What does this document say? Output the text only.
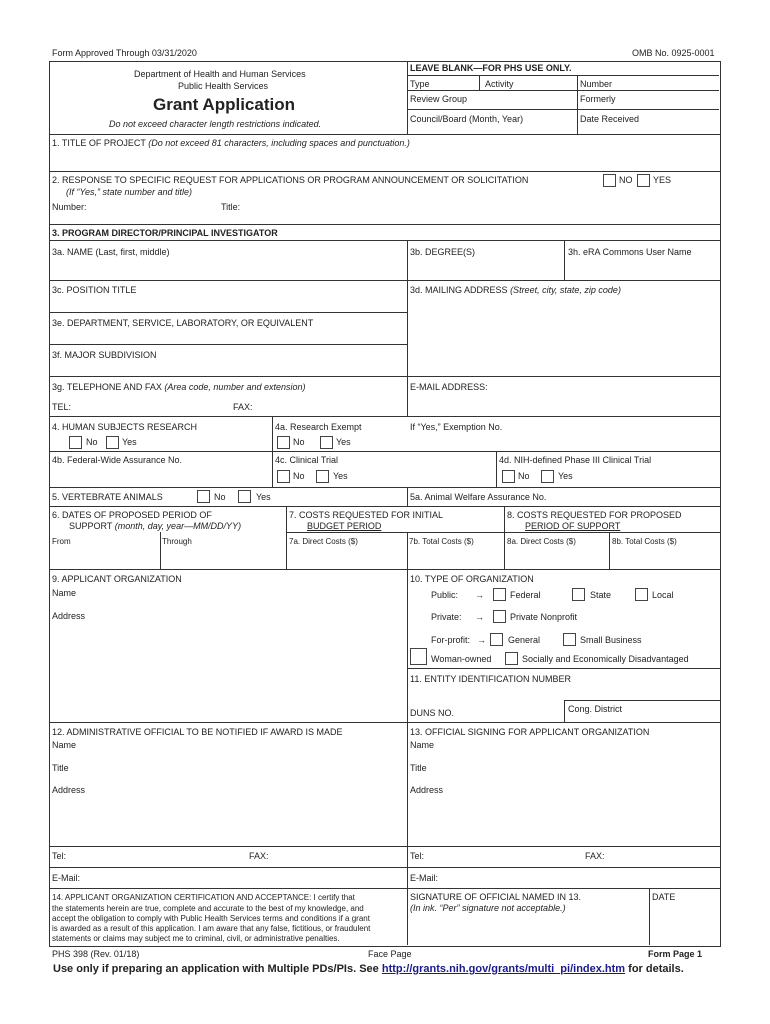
Form Approved Through 03/31/2020	OMB No. 0925-0001
Department of Health and Human Services
Public Health Services
Grant Application
Do not exceed character length restrictions indicated.
LEAVE BLANK—FOR PHS USE ONLY.
Type	Activity	Number
Review Group	Formerly
Council/Board (Month, Year)	Date Received
1. TITLE OF PROJECT (Do not exceed 81 characters, including spaces and punctuation.)
2. RESPONSE TO SPECIFIC REQUEST FOR APPLICATIONS OR PROGRAM ANNOUNCEMENT OR SOLICITATION	NO YES
(If “Yes,” state number and title)
Number:	Title:
3. PROGRAM DIRECTOR/PRINCIPAL INVESTIGATOR
3a. NAME (Last, first, middle)	3b. DEGREE(S)	3h. eRA Commons User Name
3c. POSITION TITLE	3d. MAILING ADDRESS (Street, city, state, zip code)
3e. DEPARTMENT, SERVICE, LABORATORY, OR EQUIVALENT
3f. MAJOR SUBDIVISION
3g. TELEPHONE AND FAX (Area code, number and extension)	E-MAIL ADDRESS:
TEL:	FAX:
4. HUMAN SUBJECTS RESEARCH	4a. Research Exempt	If “Yes,” Exemption No.
No	Yes	No	Yes
4b. Federal-Wide Assurance No.	4c. Clinical Trial	4d. NIH-defined Phase III Clinical Trial
No	Yes	No	Yes
5. VERTEBRATE ANIMALS	No	Yes	5a. Animal Welfare Assurance No.
6. DATES OF PROPOSED PERIOD OF
SUPPORT (month, day, year—MM/DD/YY)
7. COSTS REQUESTED FOR INITIAL
BUDGET PERIOD
8. COSTS REQUESTED FOR PROPOSED
PERIOD OF SUPPORT
From	Through	7a. Direct Costs ($)	7b. Total Costs ($)	8a. Direct Costs ($)	8b. Total Costs ($)
9. APPLICANT ORGANIZATION
Name
Address
10. TYPE OF ORGANIZATION
Public: →	Federal	State	Local
Private: →	Private Nonprofit
For-profit: → General	Small Business
Woman-owned	Socially and Economically Disadvantaged
11. ENTITY IDENTIFICATION NUMBER
DUNS NO.	Cong. District
12. ADMINISTRATIVE OFFICIAL TO BE NOTIFIED IF AWARD IS MADE
Name
Title
Address
Tel:	FAX:
E-Mail:
13. OFFICIAL SIGNING FOR APPLICANT ORGANIZATION
Name
Title
Address
Tel:	FAX:
E-Mail:
14. APPLICANT ORGANIZATION CERTIFICATION AND ACCEPTANCE: I certify that
the statements herein are true, complete and accurate to the best of my knowledge, and
accept the obligation to comply with Public Health Services terms and conditions if a grant
is awarded as a result of this application. I am aware that any false, fictitious, or fraudulent
statements or claims may subject me to criminal, civil, or administrative penalties.
SIGNATURE OF OFFICIAL NAMED IN 13.
(In ink. “Per” signature not acceptable.)
DATE
PHS 398 (Rev. 01/18)	Face Page	Form Page 1
Use only if preparing an application with Multiple PDs/PIs. See http://grants.nih.gov/grants/multi_pi/index.htm for details.
